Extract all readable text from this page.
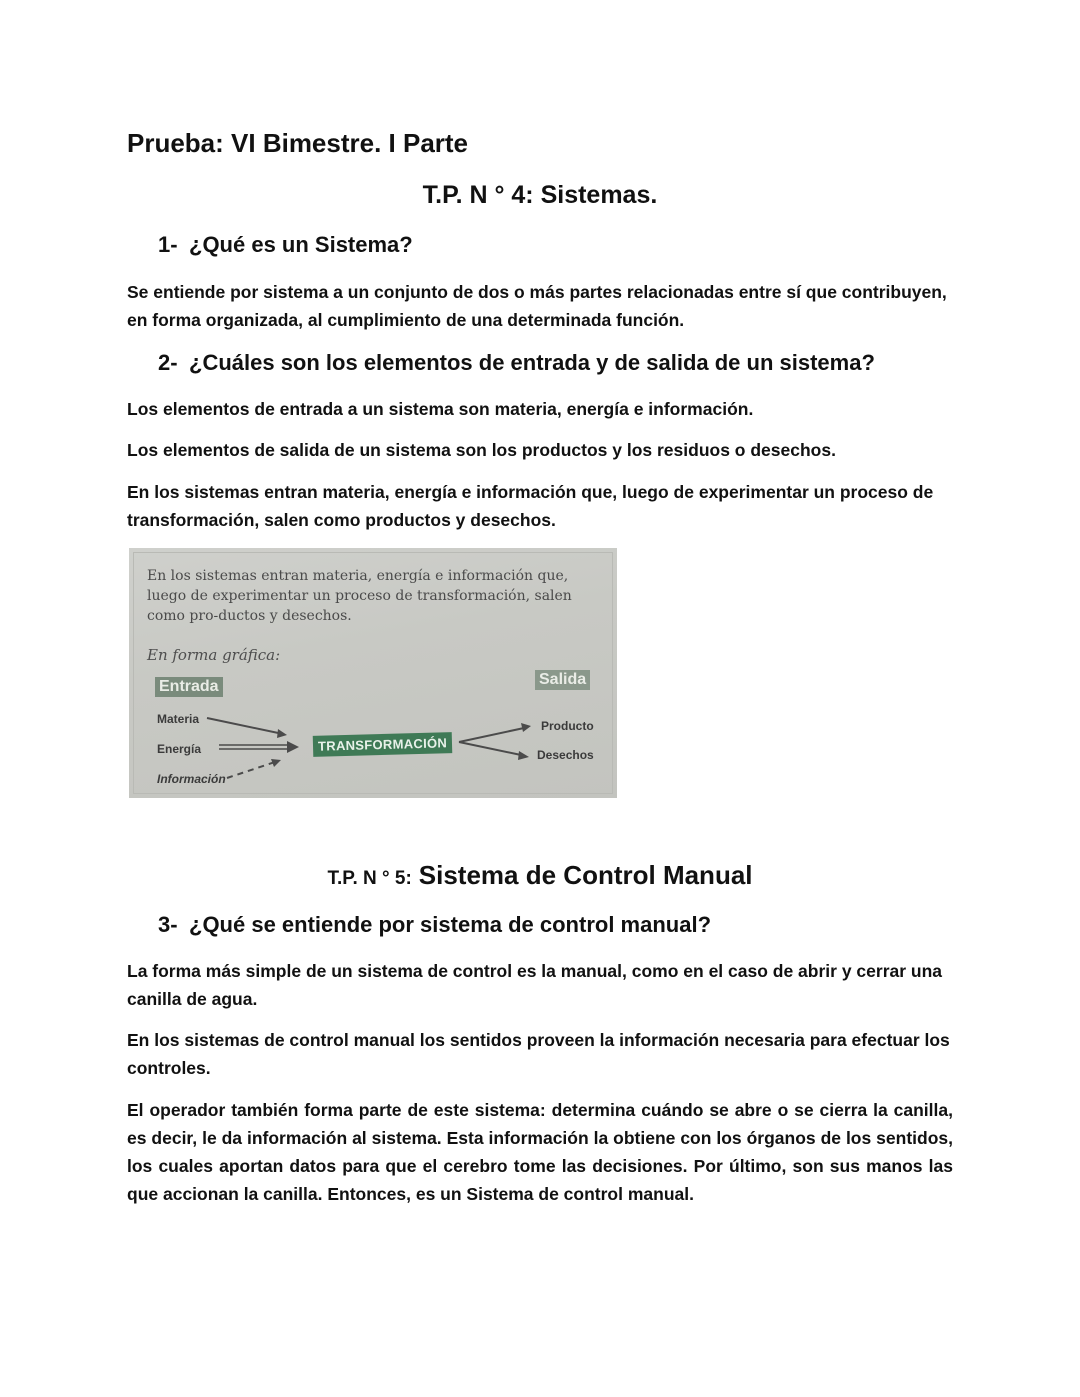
Prueba: VI Bimestre. I Parte
T.P. N ° 4: Sistemas.
1- ¿Qué es un Sistema?
Se entiende por sistema a un conjunto de dos o más partes relacionadas entre sí que contribuyen, en forma organizada, al cumplimiento de una determinada función.
2- ¿Cuáles son los elementos de entrada y de salida de un sistema?
Los elementos de entrada a un sistema son materia, energía e información.
Los elementos de salida de un sistema son los productos y los residuos o desechos.
En los sistemas entran materia, energía e información que, luego de experimentar un proceso de transformación, salen como productos y desechos.
En los sistemas entran materia, energía e información que, luego de experimentar un proceso de transformación, salen como pro-ductos y desechos.
En forma gráfica:
Entrada	Salida
Materia
Energía
Información
TRANSFORMACIÓN
Producto
Desechos
T.P. N ° 5: Sistema de Control Manual
3- ¿Qué se entiende por sistema de control manual?
La forma más simple de un sistema de control es la manual, como en el caso de abrir y cerrar una canilla de agua.
En los sistemas de control manual los sentidos proveen la información necesaria para efectuar los controles.
El operador también forma parte de este sistema: determina cuándo se abre o se cierra la canilla, es decir, le da información al sistema. Esta información la obtiene con los órganos de los sentidos, los cuales aportan datos para que el cerebro tome las decisiones. Por último, son sus manos las que accionan la canilla. Entonces, es un Sistema de control manual.
